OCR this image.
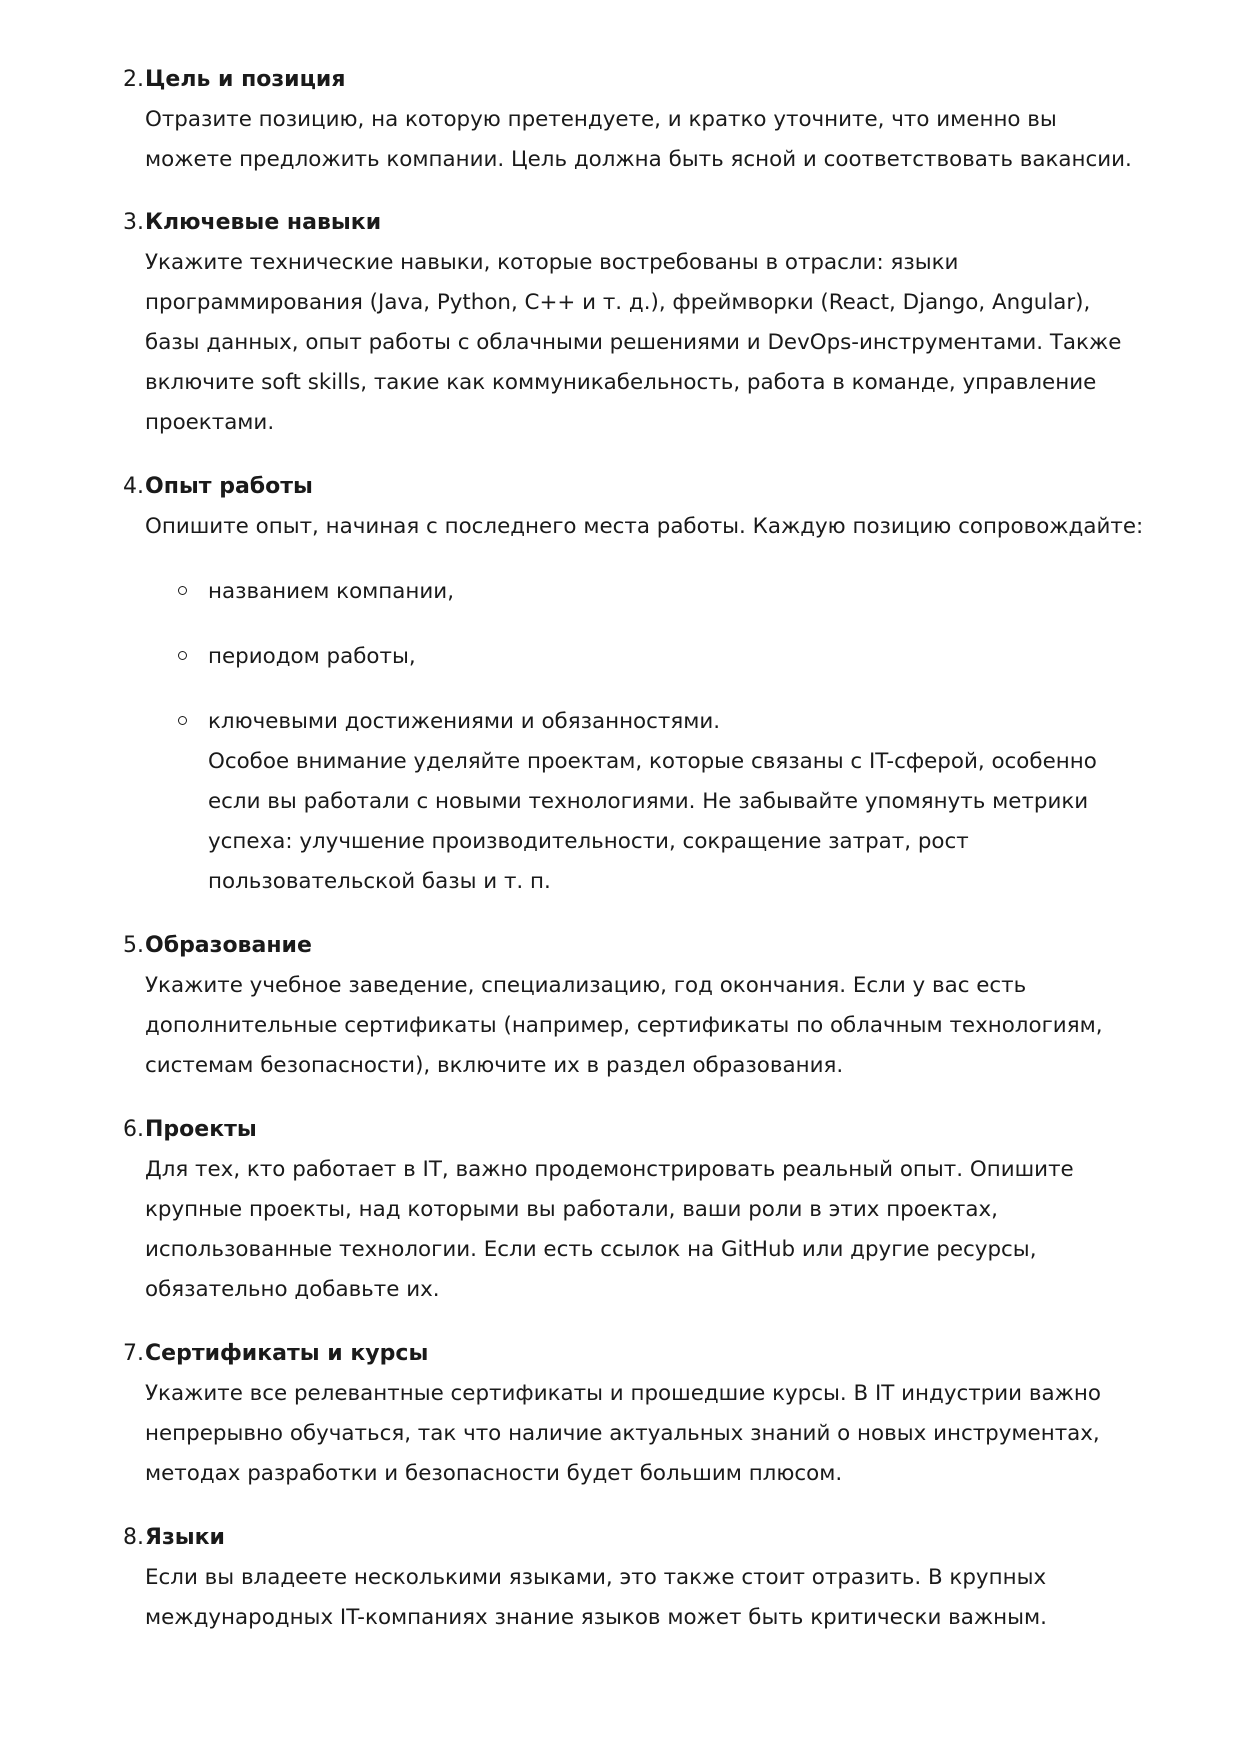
2. Цель и позиция
Отразите позицию, на которую претендуете, и кратко уточните, что именно вы
можете предложить компании. Цель должна быть ясной и соответствовать вакансии.
3. Ключевые навыки
Укажите технические навыки, которые востребованы в отрасли: языки
программирования (Java, Python, C++ и т. д.), фреймворки (React, Django, Angular),
базы данных, опыт работы с облачными решениями и DevOps-инструментами. Также
включите soft skills, такие как коммуникабельность, работа в команде, управление
проектами.
4. Опыт работы
Опишите опыт, начиная с последнего места работы. Каждую позицию сопровождайте:
названием компании,
периодом работы,
ключевыми достижениями и обязанностями.
Особое внимание уделяйте проектам, которые связаны с IT-сферой, особенно
если вы работали с новыми технологиями. Не забывайте упомянуть метрики
успеха: улучшение производительности, сокращение затрат, рост
пользовательской базы и т. п.
5. Образование
Укажите учебное заведение, специализацию, год окончания. Если у вас есть
дополнительные сертификаты (например, сертификаты по облачным технологиям,
системам безопасности), включите их в раздел образования.
6. Проекты
Для тех, кто работает в IT, важно продемонстрировать реальный опыт. Опишите
крупные проекты, над которыми вы работали, ваши роли в этих проектах,
использованные технологии. Если есть ссылок на GitHub или другие ресурсы,
обязательно добавьте их.
7. Сертификаты и курсы
Укажите все релевантные сертификаты и прошедшие курсы. В IT индустрии важно
непрерывно обучаться, так что наличие актуальных знаний о новых инструментах,
методах разработки и безопасности будет большим плюсом.
8. Языки
Если вы владеете несколькими языками, это также стоит отразить. В крупных
международных IT-компаниях знание языков может быть критически важным.
